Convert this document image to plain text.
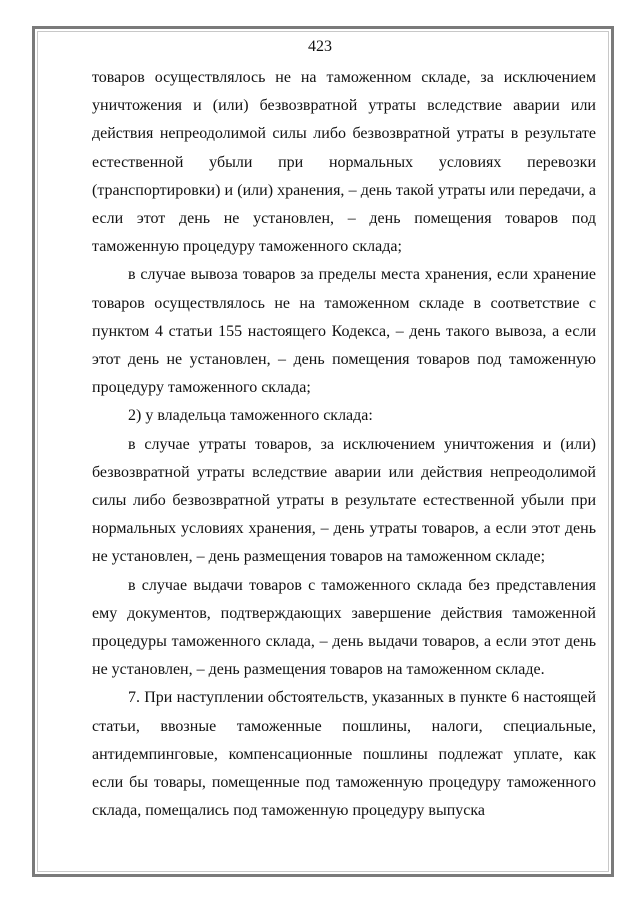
423

товаров осуществлялось не на таможенном складе, за исключением уничтожения и (или) безвозвратной утраты вследствие аварии или действия непреодолимой силы либо безвозвратной утраты в результате естественной убыли при нормальных условиях перевозки (транспортировки) и (или) хранения, – день такой утраты или передачи, а если этот день не установлен, – день помещения товаров под таможенную процедуру таможенного склада;

в случае вывоза товаров за пределы места хранения, если хранение товаров осуществлялось не на таможенном складе в соответствие с пунктом 4 статьи 155 настоящего Кодекса, – день такого вывоза, а если этот день не установлен, – день помещения товаров под таможенную процедуру таможенного склада;

2) у владельца таможенного склада:

в случае утраты товаров, за исключением уничтожения и (или) безвозвратной утраты вследствие аварии или действия непреодолимой силы либо безвозвратной утраты в результате естественной убыли при нормальных условиях хранения, – день утраты товаров, а если этот день не установлен, – день размещения товаров на таможенном складе;

в случае выдачи товаров с таможенного склада без представления ему документов, подтверждающих завершение действия таможенной процедуры таможенного склада, – день выдачи товаров, а если этот день не установлен, – день размещения товаров на таможенном складе.

7. При наступлении обстоятельств, указанных в пункте 6 настоящей статьи, ввозные таможенные пошлины, налоги, специальные, антидемпинговые, компенсационные пошлины подлежат уплате, как если бы товары, помещенные под таможенную процедуру таможенного склада, помещались под таможенную процедуру выпуска
